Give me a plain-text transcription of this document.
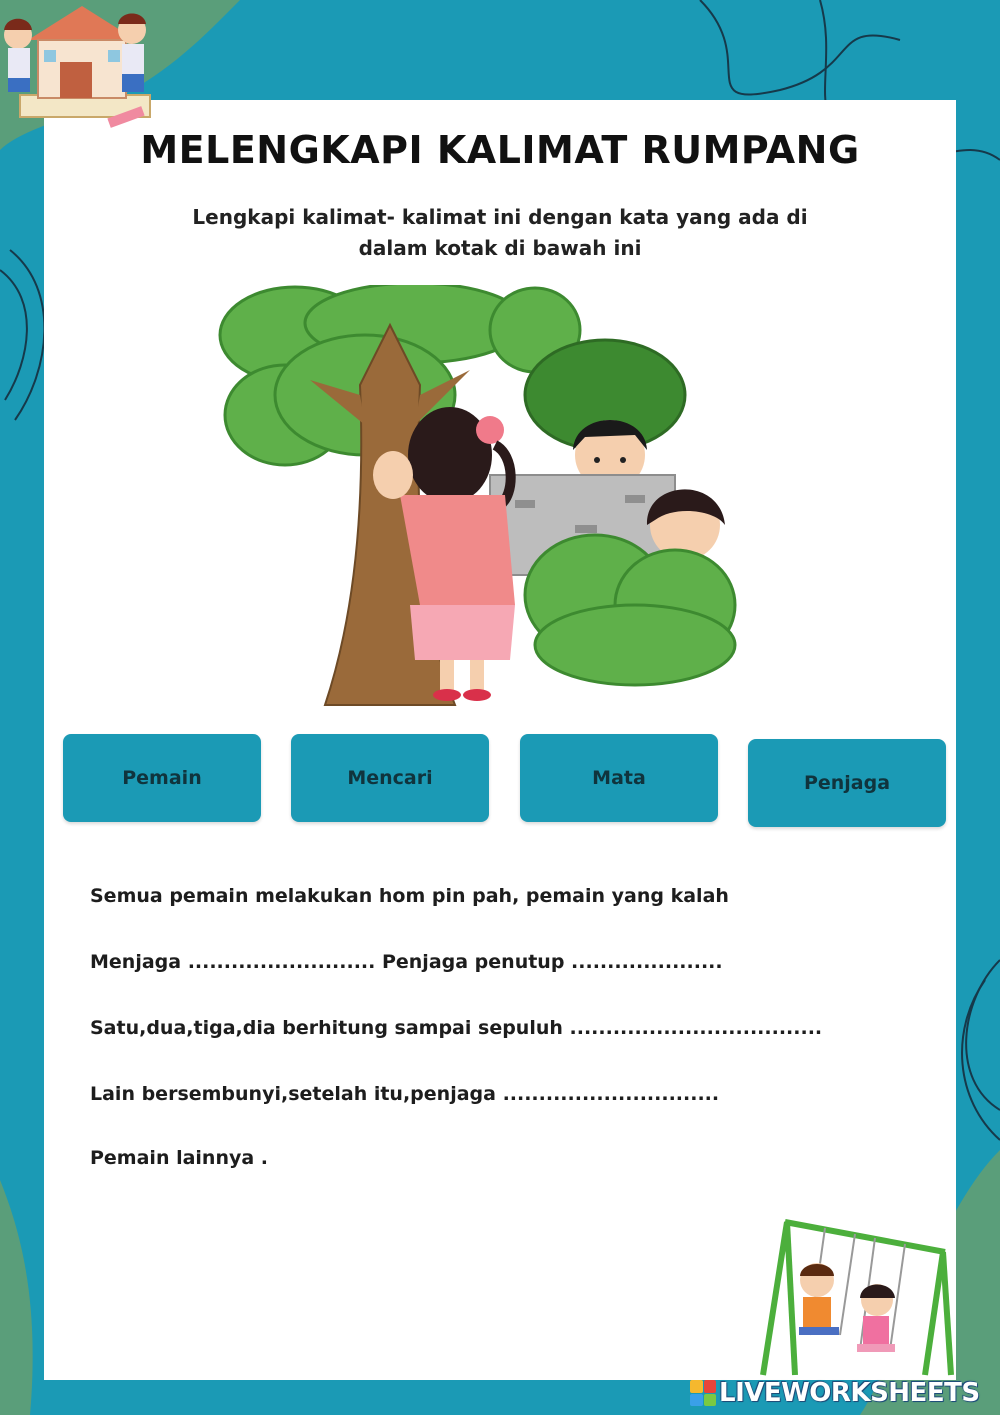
MELENGKAPI KALIMAT RUMPANG
Lengkapi kalimat- kalimat ini dengan kata yang ada di
dalam kotak di bawah ini
Pemain	Mencari	Mata	Penjaga
Semua pemain melakukan hom pin pah, pemain yang kalah
Menjaga .......................... Penjaga penutup .....................
Satu,dua,tiga,dia berhitung sampai sepuluh ...................................
Lain bersembunyi,setelah itu,penjaga ..............................
Pemain lainnya .
LIVEWORKSHEETS
